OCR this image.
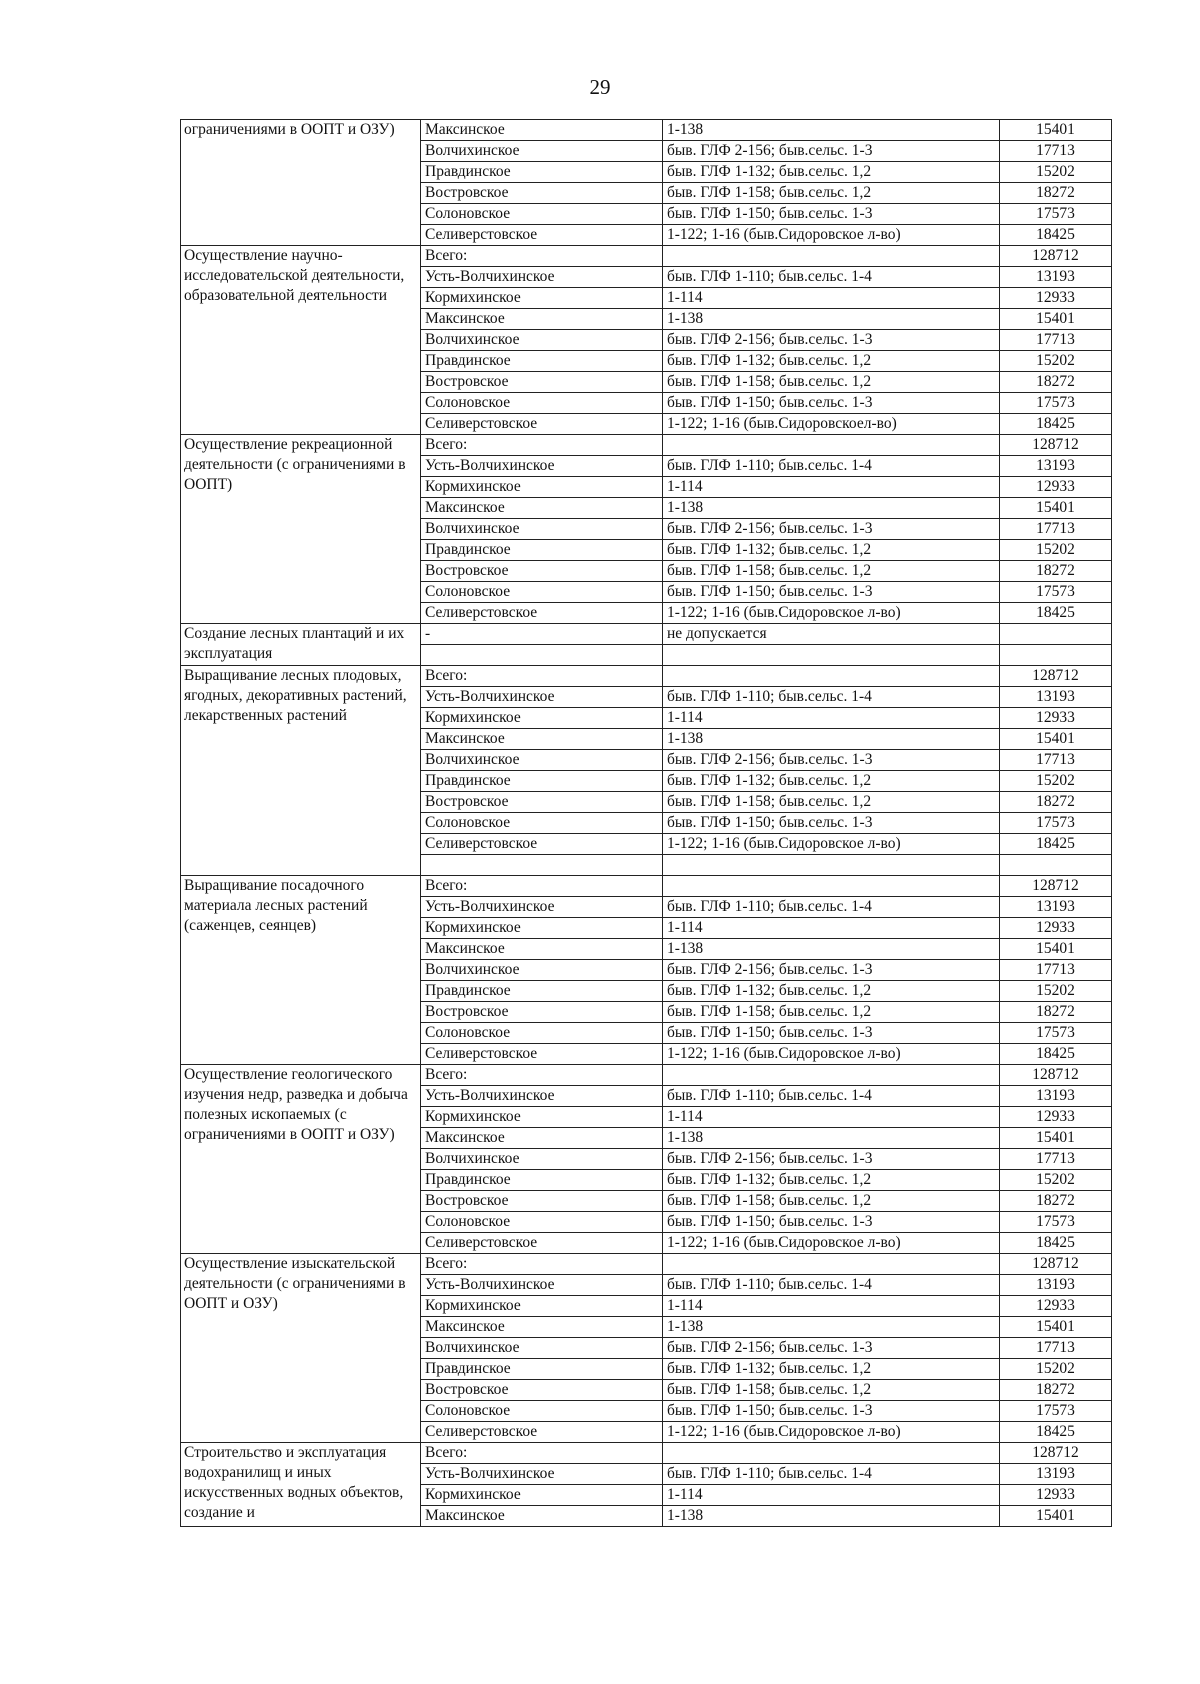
29
ограничениями в ООПТ и ОЗУ)	Максинское	1-138	15401
	Волчихинское	быв. ГЛФ 2-156; быв.сельс. 1-3	17713
	Правдинское	быв. ГЛФ 1-132; быв.сельс. 1,2	15202
	Востровское	быв. ГЛФ 1-158; быв.сельс. 1,2	18272
	Солоновское	быв. ГЛФ 1-150; быв.сельс. 1-3	17573
	Селиверстовское	1-122; 1-16 (быв.Сидоровское л-во)	18425
Осуществление научно-исследовательской деятельности, образовательной деятельности	Всего:		128712
	Усть-Волчихинское	быв. ГЛФ 1-110; быв.сельс. 1-4	13193
	Кормихинское	1-114	12933
	Максинское	1-138	15401
	Волчихинское	быв. ГЛФ 2-156; быв.сельс. 1-3	17713
	Правдинское	быв. ГЛФ 1-132; быв.сельс. 1,2	15202
	Востровское	быв. ГЛФ 1-158; быв.сельс. 1,2	18272
	Солоновское	быв. ГЛФ 1-150; быв.сельс. 1-3	17573
	Селиверстовское	1-122; 1-16 (быв.Сидоровскоел-во)	18425
Осуществление рекреационной деятельности (с ограничениями в ООПТ)	Всего:		128712
	Усть-Волчихинское	быв. ГЛФ 1-110; быв.сельс. 1-4	13193
	Кормихинское	1-114	12933
	Максинское	1-138	15401
	Волчихинское	быв. ГЛФ 2-156; быв.сельс. 1-3	17713
	Правдинское	быв. ГЛФ 1-132; быв.сельс. 1,2	15202
	Востровское	быв. ГЛФ 1-158; быв.сельс. 1,2	18272
	Солоновское	быв. ГЛФ 1-150; быв.сельс. 1-3	17573
	Селиверстовское	1-122; 1-16 (быв.Сидоровское л-во)	18425
Создание лесных плантаций и их эксплуатация	-	не допускается	

Выращивание лесных плодовых, ягодных, декоративных растений, лекарственных растений	Всего:		128712
	Усть-Волчихинское	быв. ГЛФ 1-110; быв.сельс. 1-4	13193
	Кормихинское	1-114	12933
	Максинское	1-138	15401
	Волчихинское	быв. ГЛФ 2-156; быв.сельс. 1-3	17713
	Правдинское	быв. ГЛФ 1-132; быв.сельс. 1,2	15202
	Востровское	быв. ГЛФ 1-158; быв.сельс. 1,2	18272
	Солоновское	быв. ГЛФ 1-150; быв.сельс. 1-3	17573
	Селиверстовское	1-122; 1-16 (быв.Сидоровское л-во)	18425

Выращивание посадочного материала лесных растений (саженцев, сеянцев)	Всего:		128712
	Усть-Волчихинское	быв. ГЛФ 1-110; быв.сельс. 1-4	13193
	Кормихинское	1-114	12933
	Максинское	1-138	15401
	Волчихинское	быв. ГЛФ 2-156; быв.сельс. 1-3	17713
	Правдинское	быв. ГЛФ 1-132; быв.сельс. 1,2	15202
	Востровское	быв. ГЛФ 1-158; быв.сельс. 1,2	18272
	Солоновское	быв. ГЛФ 1-150; быв.сельс. 1-3	17573
	Селиверстовское	1-122; 1-16 (быв.Сидоровское л-во)	18425
Осуществление геологического изучения недр, разведка и добыча полезных ископаемых (с ограничениями в ООПТ и ОЗУ)	Всего:		128712
	Усть-Волчихинское	быв. ГЛФ 1-110; быв.сельс. 1-4	13193
	Кормихинское	1-114	12933
	Максинское	1-138	15401
	Волчихинское	быв. ГЛФ 2-156; быв.сельс. 1-3	17713
	Правдинское	быв. ГЛФ 1-132; быв.сельс. 1,2	15202
	Востровское	быв. ГЛФ 1-158; быв.сельс. 1,2	18272
	Солоновское	быв. ГЛФ 1-150; быв.сельс. 1-3	17573
	Селиверстовское	1-122; 1-16 (быв.Сидоровское л-во)	18425
Осуществление изыскательской деятельности (с ограничениями в ООПТ и ОЗУ)	Всего:		128712
	Усть-Волчихинское	быв. ГЛФ 1-110; быв.сельс. 1-4	13193
	Кормихинское	1-114	12933
	Максинское	1-138	15401
	Волчихинское	быв. ГЛФ 2-156; быв.сельс. 1-3	17713
	Правдинское	быв. ГЛФ 1-132; быв.сельс. 1,2	15202
	Востровское	быв. ГЛФ 1-158; быв.сельс. 1,2	18272
	Солоновское	быв. ГЛФ 1-150; быв.сельс. 1-3	17573
	Селиверстовское	1-122; 1-16 (быв.Сидоровское л-во)	18425
Строительство и эксплуатация водохранилищ и иных искусственных водных объектов, создание и	Всего:		128712
	Усть-Волчихинское	быв. ГЛФ 1-110; быв.сельс. 1-4	13193
	Кормихинское	1-114	12933
	Максинское	1-138	15401
